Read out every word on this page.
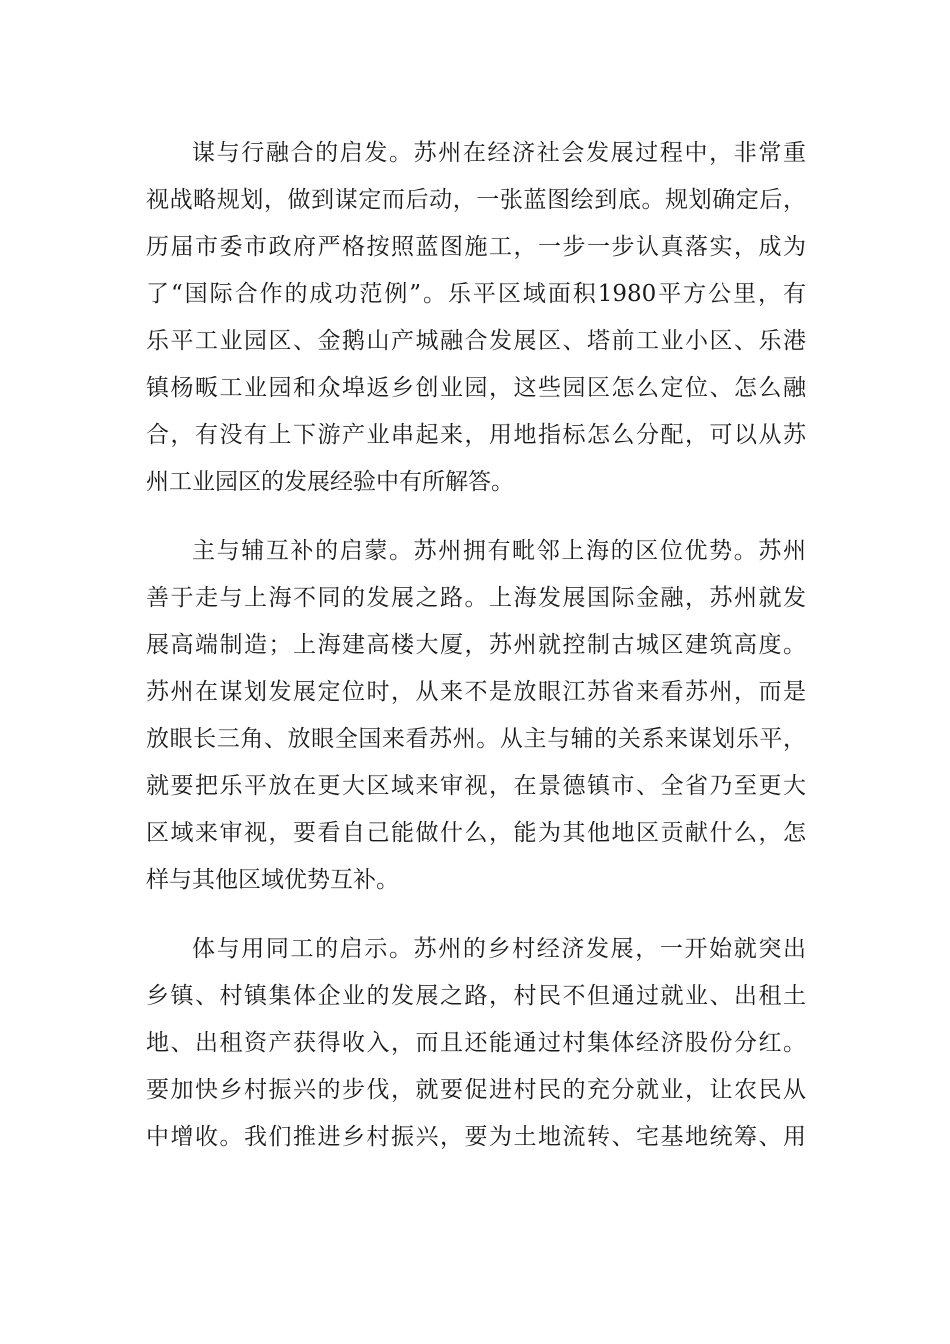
谋与行融合的启发。苏州在经济社会发展过程中，非常重
视战略规划，做到谋定而后动，一张蓝图绘到底。规划确定后，
历届市委市政府严格按照蓝图施工，一步一步认真落实，成为
了“国际合作的成功范例”。乐平区域面积1980平方公里，有
乐平工业园区、金鹅山产城融合发展区、塔前工业小区、乐港
镇杨畈工业园和众埠返乡创业园，这些园区怎么定位、怎么融
合，有没有上下游产业串起来，用地指标怎么分配，可以从苏
州工业园区的发展经验中有所解答。
主与辅互补的启蒙。苏州拥有毗邻上海的区位优势。苏州
善于走与上海不同的发展之路。上海发展国际金融，苏州就发
展高端制造；上海建高楼大厦，苏州就控制古城区建筑高度。
苏州在谋划发展定位时，从来不是放眼江苏省来看苏州，而是
放眼长三角、放眼全国来看苏州。从主与辅的关系来谋划乐平，
就要把乐平放在更大区域来审视，在景德镇市、全省乃至更大
区域来审视，要看自己能做什么，能为其他地区贡献什么，怎
样与其他区域优势互补。
体与用同工的启示。苏州的乡村经济发展，一开始就突出
乡镇、村镇集体企业的发展之路，村民不但通过就业、出租土
地、出租资产获得收入，而且还能通过村集体经济股份分红。
要加快乡村振兴的步伐，就要促进村民的充分就业，让农民从
中增收。我们推进乡村振兴，要为土地流转、宅基地统筹、用
